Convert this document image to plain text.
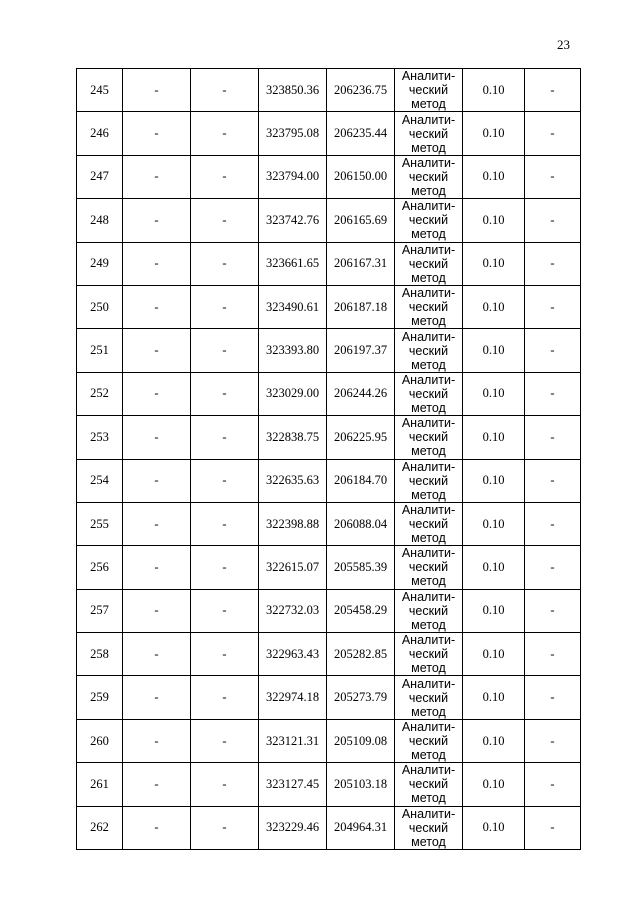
23
245	-	-	323850.36	206236.75	Аналити-
ческий
метод	0.10	-
246	-	-	323795.08	206235.44	Аналити-
ческий
метод	0.10	-
247	-	-	323794.00	206150.00	Аналити-
ческий
метод	0.10	-
248	-	-	323742.76	206165.69	Аналити-
ческий
метод	0.10	-
249	-	-	323661.65	206167.31	Аналити-
ческий
метод	0.10	-
250	-	-	323490.61	206187.18	Аналити-
ческий
метод	0.10	-
251	-	-	323393.80	206197.37	Аналити-
ческий
метод	0.10	-
252	-	-	323029.00	206244.26	Аналити-
ческий
метод	0.10	-
253	-	-	322838.75	206225.95	Аналити-
ческий
метод	0.10	-
254	-	-	322635.63	206184.70	Аналити-
ческий
метод	0.10	-
255	-	-	322398.88	206088.04	Аналити-
ческий
метод	0.10	-
256	-	-	322615.07	205585.39	Аналити-
ческий
метод	0.10	-
257	-	-	322732.03	205458.29	Аналити-
ческий
метод	0.10	-
258	-	-	322963.43	205282.85	Аналити-
ческий
метод	0.10	-
259	-	-	322974.18	205273.79	Аналити-
ческий
метод	0.10	-
260	-	-	323121.31	205109.08	Аналити-
ческий
метод	0.10	-
261	-	-	323127.45	205103.18	Аналити-
ческий
метод	0.10	-
262	-	-	323229.46	204964.31	Аналити-
ческий
метод	0.10	-
